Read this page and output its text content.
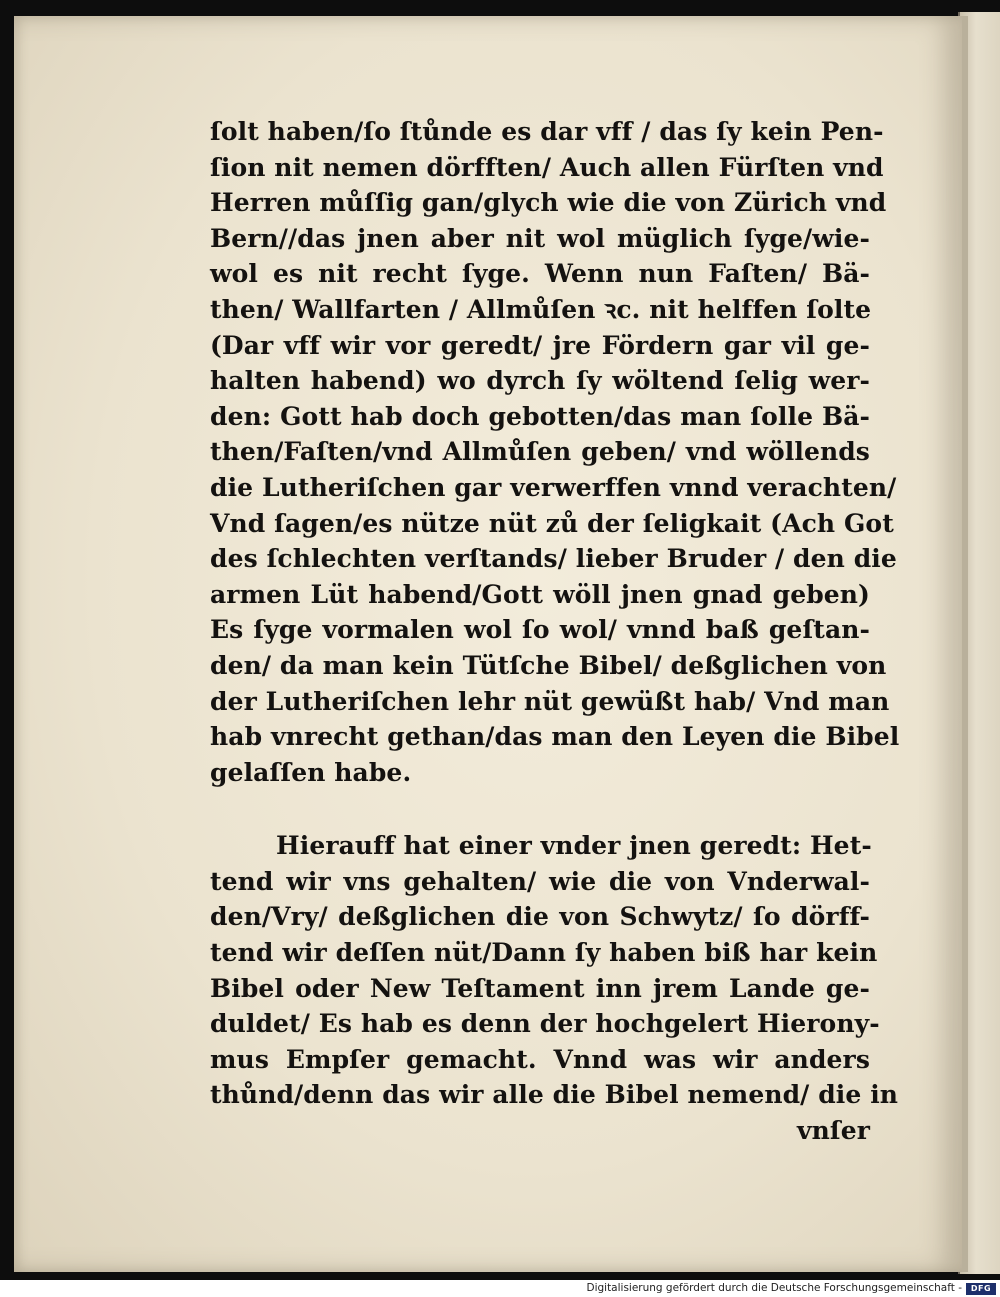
ſolt haben/ſo ſtůnde es dar vff / das ſy kein Pen-
ſion nit nemen dörfften/ Auch allen Fürſten vnd
Herren můſſig gan/glych wie die von Zürich vnd
Bern//das jnen aber nit wol müglich ſyge/wie-
wol es nit recht ſyge. Wenn nun Faſten/ Bä-
then/ Wallfarten / Allmůſen ꝛc. nit helffen ſolte
(Dar vff wir vor geredt/ jre Fördern gar vil ge-
halten habend) wo dyrch ſy wöltend ſelig wer-
den: Gott hab doch gebotten/das man ſolle Bä-
then/Faſten/vnd Allmůſen geben/ vnd wöllends
die Lutheriſchen gar verwerffen vnnd verachten/
Vnd ſagen/es nütze nüt zů der ſeligkait (Ach Got
des ſchlechten verſtands/ lieber Bruder / den die
armen Lüt habend/Gott wöll jnen gnad geben)
Es ſyge vormalen wol ſo wol/ vnnd baß geſtan-
den/ da man kein Tütſche Bibel/ deßglichen von
der Lutheriſchen lehr nüt gewüßt hab/ Vnd man
hab vnrecht gethan/das man den Leyen die Bibel
gelaſſen habe.
Hierauff hat einer vnder jnen geredt: Het-
tend wir vns gehalten/ wie die von Vnderwal-
den/Vry/ deßglichen die von Schwytz/ ſo dörff-
tend wir deſſen nüt/Dann ſy haben biß har kein
Bibel oder New Teſtament inn jrem Lande ge-
duldet/ Es hab es denn der hochgelert Hierony-
mus Empſer gemacht. Vnnd was wir anders
thůnd/denn das wir alle die Bibel nemend/ die in
vnſer
Digitalisierung gefördert durch die Deutsche Forschungsgemeinschaft -	DFG
